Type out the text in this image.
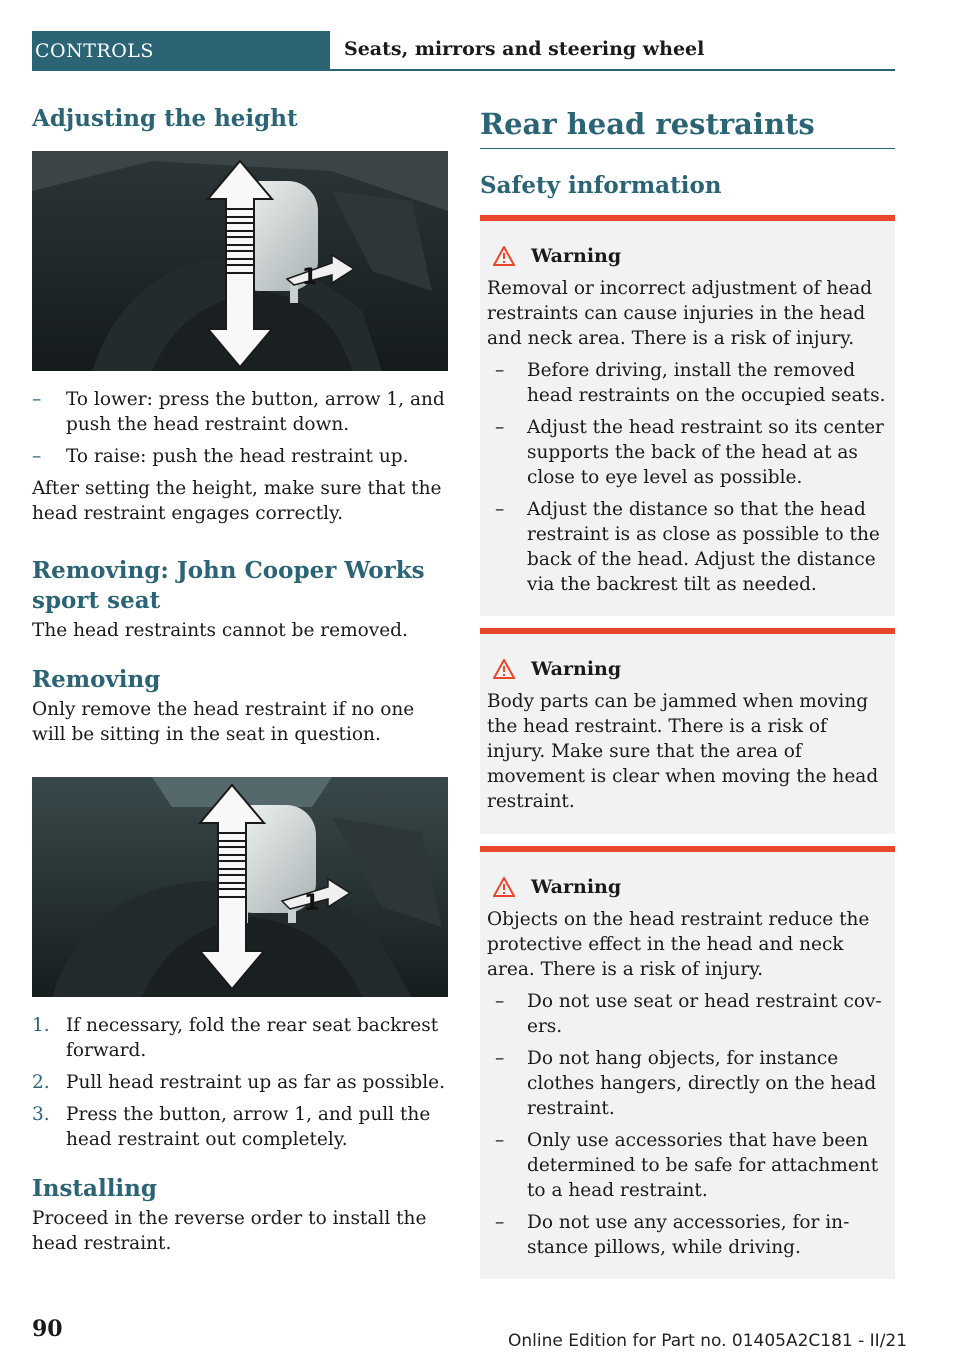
CONTROLS	Seats, mirrors and steering wheel
Adjusting the height
1
– To lower: press the button, arrow 1, and push the head restraint down.
– To raise: push the head restraint up.

After setting the height, make sure that the head restraint engages correctly.

Removing: John Cooper Works sport seat

The head restraints cannot be removed.

Removing

Only remove the head restraint if no one will be sitting in the seat in question.

1
1. If necessary, fold the rear seat backrest forward.
2. Pull head restraint up as far as possible.
3. Press the button, arrow 1, and pull the head restraint out completely.
Installing

Proceed in the reverse order to install the head restraint.

Rear head restraints
Safety information
Warning

Removal or incorrect adjustment of head restraints can cause injuries in the head and neck area. There is a risk of injury.

– Before driving, install the removed head restraints on the occupied seats.
– Adjust the head restraint so its center supports the back of the head at as close to eye level as possible.
– Adjust the distance so that the head restraint is as close as possible to the back of the head. Adjust the distance via the backrest tilt as needed.
Warning

Body parts can be jammed when moving the head restraint. There is a risk of injury. Make sure that the area of movement is clear when moving the head restraint.

Warning

Objects on the head restraint reduce the protective effect in the head and neck area. There is a risk of injury.

– Do not use seat or head restraint cov-ers.
– Do not hang objects, for instance clothes hangers, directly on the head restraint.
– Only use accessories that have been determined to be safe for attachment to a head restraint.
– Do not use any accessories, for in-stance pillows, while driving.
90	Online Edition for Part no. 01405A2C181 - II/21
